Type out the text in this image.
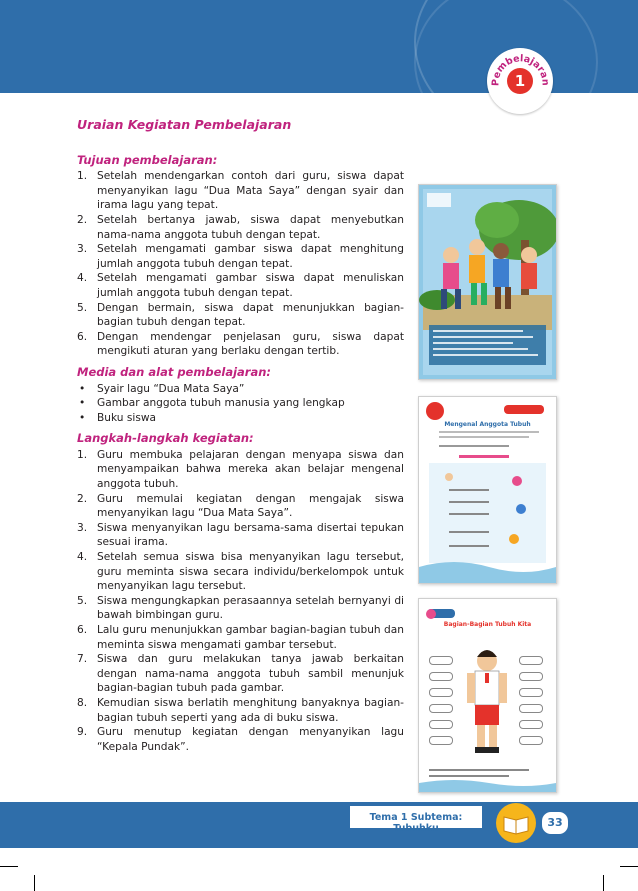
Pembelajaran
1
Uraian Kegiatan Pembelajaran
Tujuan pembelajaran:
1. Setelah mendengarkan contoh dari guru, siswa dapat menyanyikan lagu “Dua Mata Saya” dengan syair dan irama lagu yang tepat.
2. Setelah bertanya jawab, siswa dapat menyebutkan nama-nama anggota tubuh dengan tepat.
3. Setelah mengamati gambar siswa dapat menghitung jumlah anggota tubuh dengan tepat.
4. Setelah mengamati gambar siswa dapat menuliskan jumlah anggota tubuh dengan tepat.
5. Dengan bermain, siswa dapat menunjukkan bagian-bagian tubuh dengan tepat.
6. Dengan mendengar penjelasan guru, siswa dapat mengikuti aturan yang berlaku dengan tertib.
Media dan alat pembelajaran:
• Syair lagu “Dua Mata Saya”
• Gambar anggota tubuh manusia yang lengkap
• Buku siswa
Langkah-langkah kegiatan:
1. Guru membuka pelajaran dengan menyapa siswa dan menyampaikan bahwa mereka akan belajar mengenal anggota tubuh.
2. Guru memulai kegiatan dengan mengajak siswa menyanyikan lagu “Dua Mata Saya”.
3. Siswa menyanyikan lagu bersama-sama disertai tepukan sesuai irama.
4. Setelah semua siswa bisa menyanyikan lagu tersebut, guru meminta siswa secara individu/berkelompok untuk menyanyikan lagu tersebut.
5. Siswa mengungkapkan perasaannya setelah bernyanyi di bawah bimbingan guru.
6. Lalu guru menunjukkan gambar bagian-bagian tubuh dan meminta siswa mengamati gambar tersebut.
7. Siswa dan guru melakukan tanya jawab berkaitan dengan nama-nama anggota tubuh sambil menunjuk bagian-bagian tubuh pada gambar.
8. Kemudian siswa berlatih menghitung banyaknya bagian-bagian tubuh seperti yang ada di buku siswa.
9. Guru menutup kegiatan dengan menyanyikan lagu “Kepala Pundak”.
Mengenal Anggota Tubuh
Bagian-Bagian Tubuh Kita
Tema 1 Subtema: Tubuhku	33
